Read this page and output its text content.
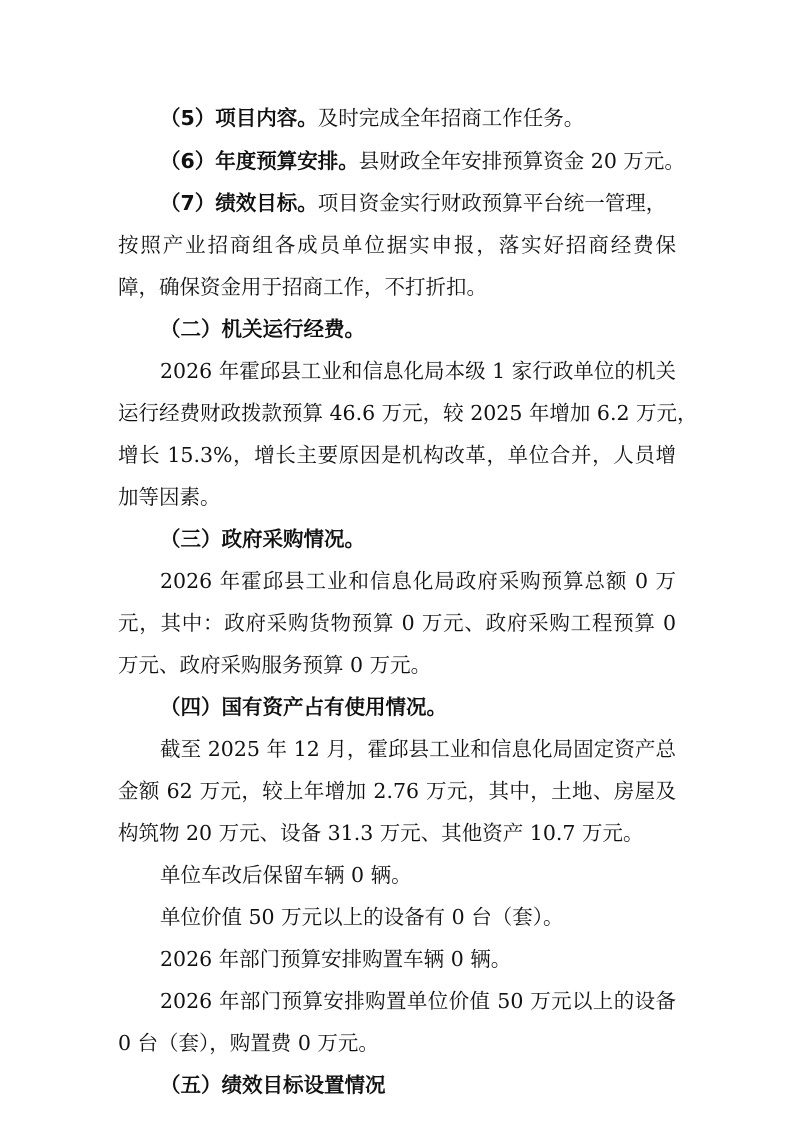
（5）项目内容。及时完成全年招商工作任务。
（6）年度预算安排。县财政全年安排预算资金 20 万元。
（7）绩效目标。项目资金实行财政预算平台统一管理，
按照产业招商组各成员单位据实申报，落实好招商经费保
障，确保资金用于招商工作，不打折扣。
（二）机关运行经费。
2026 年霍邱县工业和信息化局本级 1 家行政单位的机关
运行经费财政拨款预算 46.6 万元，较 2025 年增加 6.2 万元，
增长 15.3%，增长主要原因是机构改革，单位合并，人员增
加等因素。
（三）政府采购情况。
2026 年霍邱县工业和信息化局政府采购预算总额 0 万
元，其中：政府采购货物预算 0 万元、政府采购工程预算 0
万元、政府采购服务预算 0 万元。
（四）国有资产占有使用情况。
截至 2025 年 12 月，霍邱县工业和信息化局固定资产总
金额 62 万元，较上年增加 2.76 万元，其中，土地、房屋及
构筑物 20 万元、设备 31.3 万元、其他资产 10.7 万元。
单位车改后保留车辆 0 辆。
单位价值 50 万元以上的设备有 0 台（套）。
2026 年部门预算安排购置车辆 0 辆。
2026 年部门预算安排购置单位价值 50 万元以上的设备
0 台（套），购置费 0 万元。
（五）绩效目标设置情况
